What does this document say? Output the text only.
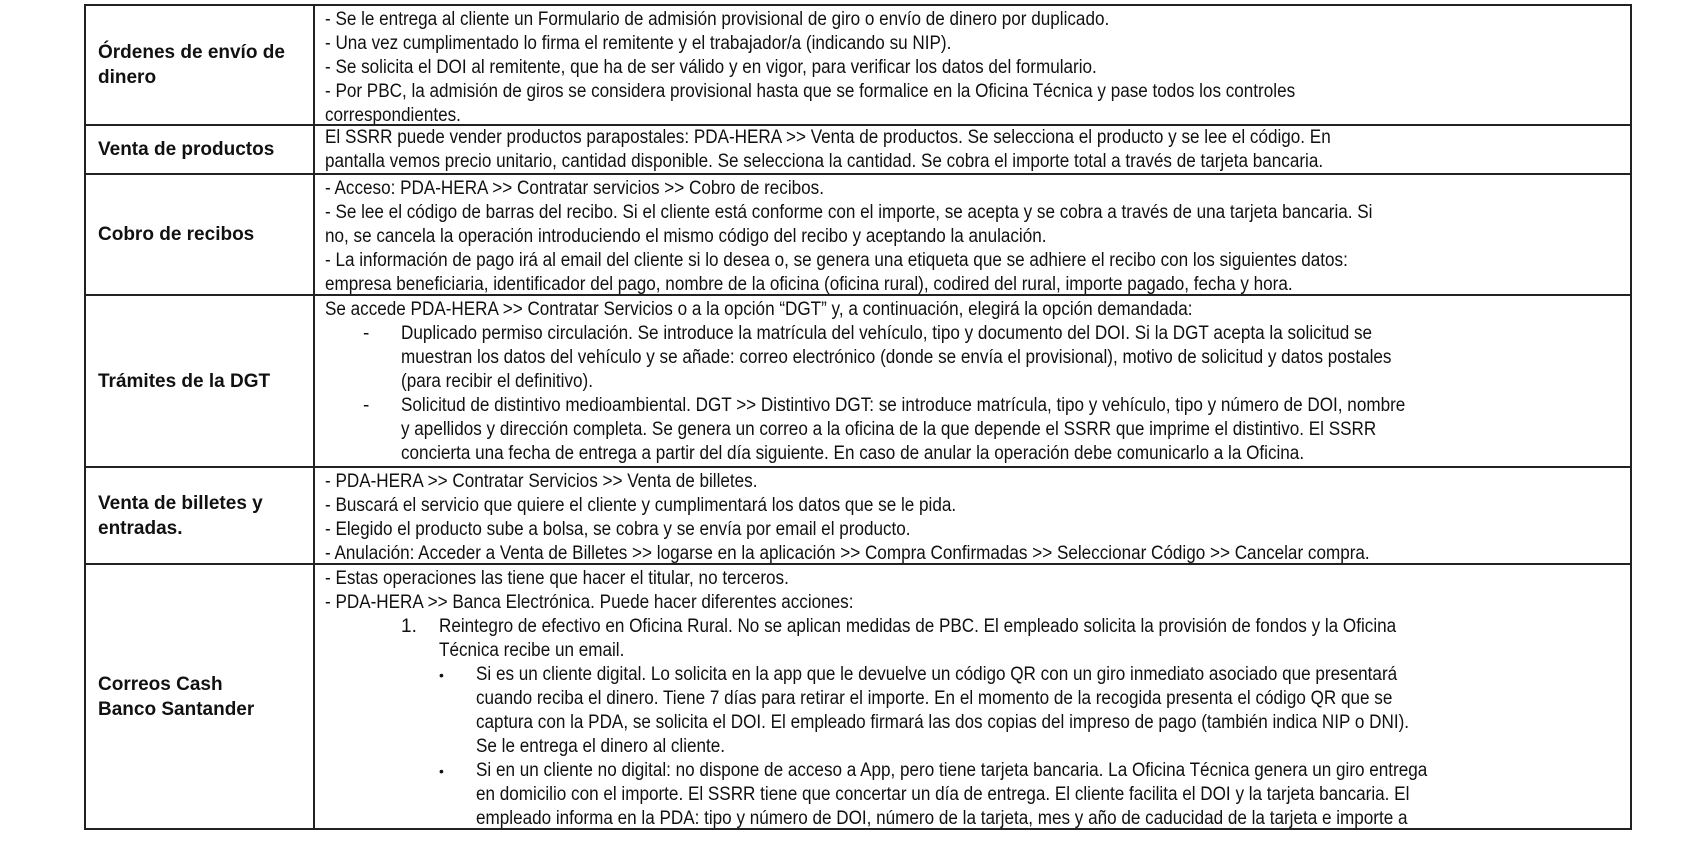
Órdenes de envío de dinero
- Se le entrega al cliente un Formulario de admisión provisional de giro o envío de dinero por duplicado.
- Una vez cumplimentado lo firma el remitente y el trabajador/a (indicando su NIP).
- Se solicita el DOI al remitente, que ha de ser válido y en vigor, para verificar los datos del formulario.
- Por PBC, la admisión de giros se considera provisional hasta que se formalice en la Oficina Técnica y pase todos los controles
correspondientes.
Venta de productos
El SSRR puede vender productos parapostales: PDA-HERA >> Venta de productos. Se selecciona el producto y se lee el código. En
pantalla vemos precio unitario, cantidad disponible. Se selecciona la cantidad. Se cobra el importe total a través de tarjeta bancaria.
Cobro de recibos
- Acceso: PDA-HERA >> Contratar servicios >> Cobro de recibos.
- Se lee el código de barras del recibo. Si el cliente está conforme con el importe, se acepta y se cobra a través de una tarjeta bancaria. Si
no, se cancela la operación introduciendo el mismo código del recibo y aceptando la anulación.
- La información de pago irá al email del cliente si lo desea o, se genera una etiqueta que se adhiere el recibo con los siguientes datos:
empresa beneficiaria, identificador del pago, nombre de la oficina (oficina rural), codired del rural, importe pagado, fecha y hora.
Trámites de la DGT
Se accede PDA-HERA >> Contratar Servicios o a la opción “DGT” y, a continuación, elegirá la opción demandada:
- Duplicado permiso circulación. Se introduce la matrícula del vehículo, tipo y documento del DOI. Si la DGT acepta la solicitud se
muestran los datos del vehículo y se añade: correo electrónico (donde se envía el provisional), motivo de solicitud y datos postales
(para recibir el definitivo).
- Solicitud de distintivo medioambiental. DGT >> Distintivo DGT: se introduce matrícula, tipo y vehículo, tipo y número de DOI, nombre
y apellidos y dirección completa. Se genera un correo a la oficina de la que depende el SSRR que imprime el distintivo. El SSRR
concierta una fecha de entrega a partir del día siguiente. En caso de anular la operación debe comunicarlo a la Oficina.
Venta de billetes y entradas.
- PDA-HERA >> Contratar Servicios >> Venta de billetes.
- Buscará el servicio que quiere el cliente y cumplimentará los datos que se le pida.
- Elegido el producto sube a bolsa, se cobra y se envía por email el producto.
- Anulación: Acceder a Venta de Billetes >> logarse en la aplicación >> Compra Confirmadas >> Seleccionar Código >> Cancelar compra.
Correos Cash
Banco Santander
- Estas operaciones las tiene que hacer el titular, no terceros.
- PDA-HERA >> Banca Electrónica. Puede hacer diferentes acciones:
1. Reintegro de efectivo en Oficina Rural. No se aplican medidas de PBC. El empleado solicita la provisión de fondos y la Oficina
Técnica recibe un email.
• Si es un cliente digital. Lo solicita en la app que le devuelve un código QR con un giro inmediato asociado que presentará
cuando reciba el dinero. Tiene 7 días para retirar el importe. En el momento de la recogida presenta el código QR que se
captura con la PDA, se solicita el DOI. El empleado firmará las dos copias del impreso de pago (también indica NIP o DNI).
Se le entrega el dinero al cliente.
• Si en un cliente no digital: no dispone de acceso a App, pero tiene tarjeta bancaria. La Oficina Técnica genera un giro entrega
en domicilio con el importe. El SSRR tiene que concertar un día de entrega. El cliente facilita el DOI y la tarjeta bancaria. El
empleado informa en la PDA: tipo y número de DOI, número de la tarjeta, mes y año de caducidad de la tarjeta e importe a
